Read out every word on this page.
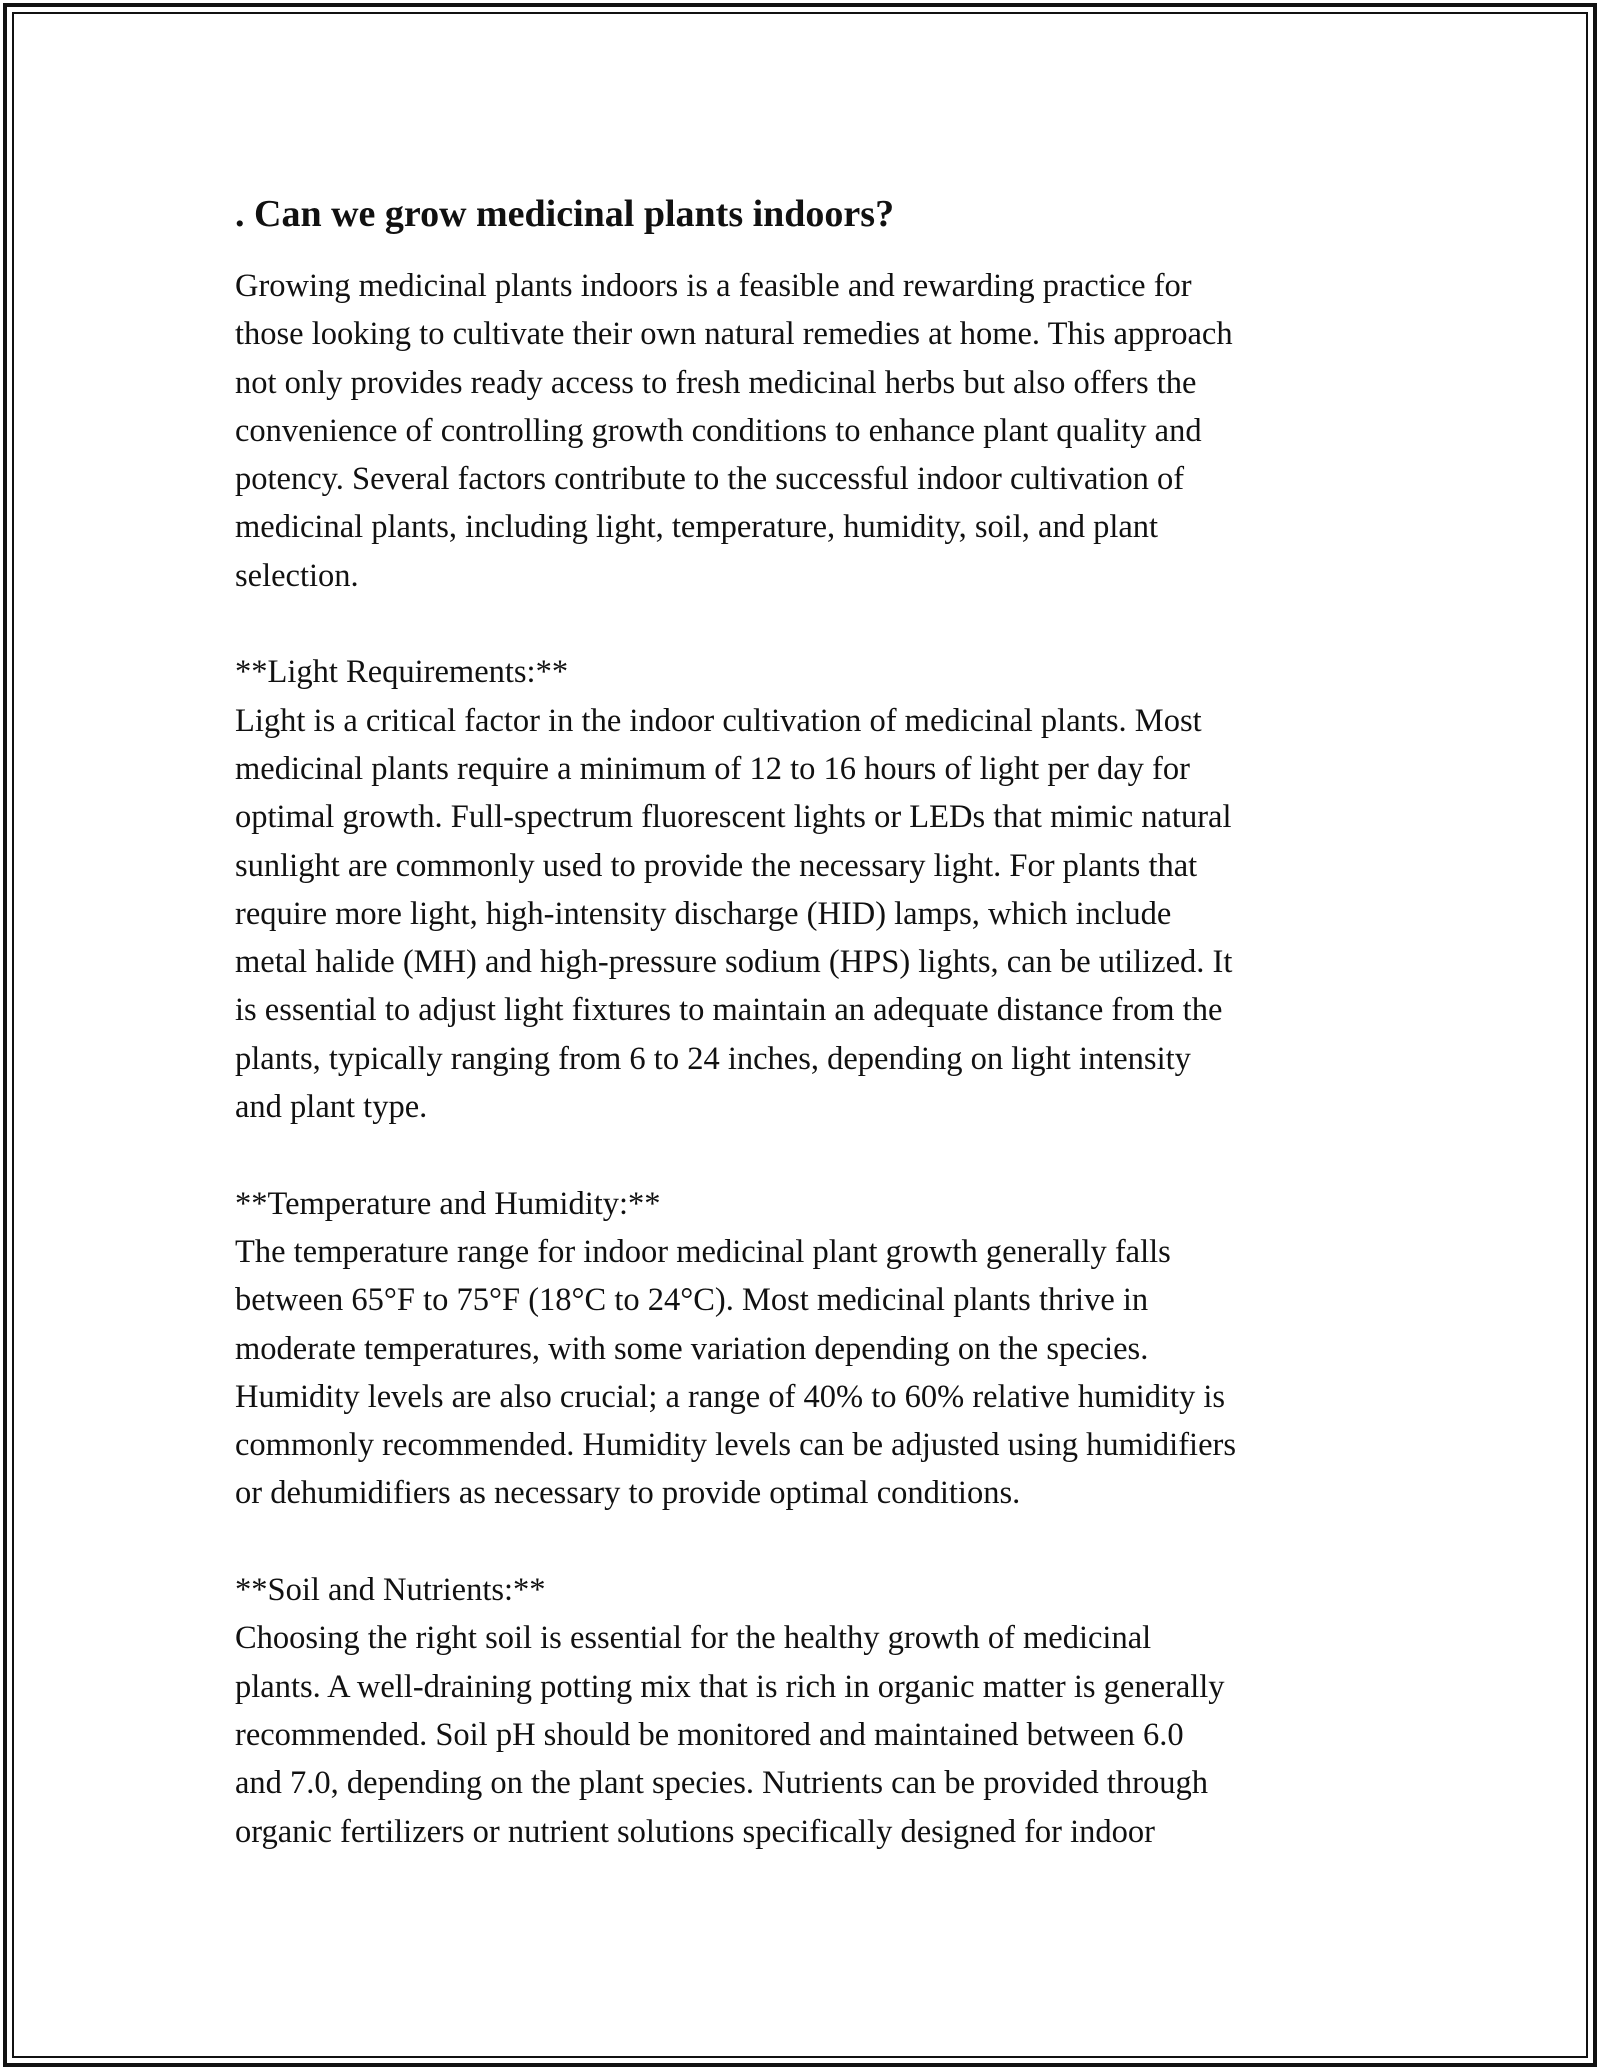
. Can we grow medicinal plants indoors?

Growing medicinal plants indoors is a feasible and rewarding practice for
those looking to cultivate their own natural remedies at home. This approach
not only provides ready access to fresh medicinal herbs but also offers the
convenience of controlling growth conditions to enhance plant quality and
potency. Several factors contribute to the successful indoor cultivation of
medicinal plants, including light, temperature, humidity, soil, and plant
selection.

**Light Requirements:**

Light is a critical factor in the indoor cultivation of medicinal plants. Most
medicinal plants require a minimum of 12 to 16 hours of light per day for
optimal growth. Full-spectrum fluorescent lights or LEDs that mimic natural
sunlight are commonly used to provide the necessary light. For plants that
require more light, high-intensity discharge (HID) lamps, which include
metal halide (MH) and high-pressure sodium (HPS) lights, can be utilized. It
is essential to adjust light fixtures to maintain an adequate distance from the
plants, typically ranging from 6 to 24 inches, depending on light intensity
and plant type.

**Temperature and Humidity:**

The temperature range for indoor medicinal plant growth generally falls
between 65°F to 75°F (18°C to 24°C). Most medicinal plants thrive in
moderate temperatures, with some variation depending on the species.
Humidity levels are also crucial; a range of 40% to 60% relative humidity is
commonly recommended. Humidity levels can be adjusted using humidifiers
or dehumidifiers as necessary to provide optimal conditions.

**Soil and Nutrients:**

Choosing the right soil is essential for the healthy growth of medicinal
plants. A well-draining potting mix that is rich in organic matter is generally
recommended. Soil pH should be monitored and maintained between 6.0
and 7.0, depending on the plant species. Nutrients can be provided through
organic fertilizers or nutrient solutions specifically designed for indoor
